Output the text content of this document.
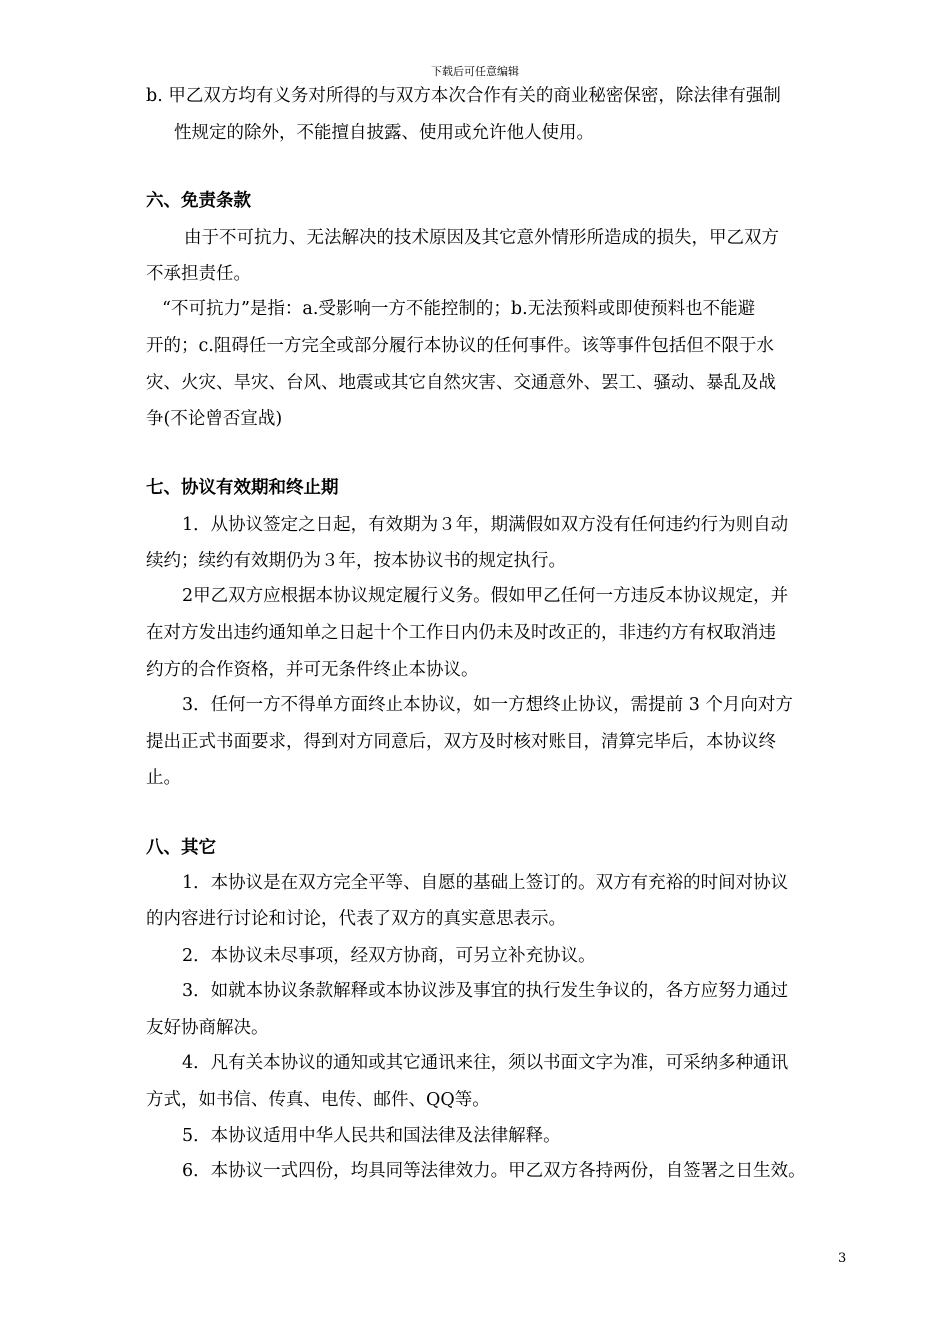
下载后可任意编辑
b. 甲乙双方均有义务对所得的与双方本次合作有关的商业秘密保密，除法律有强制
性规定的除外，不能擅自披露、使用或允许他人使用。
六、免责条款
由于不可抗力、无法解决的技术原因及其它意外情形所造成的损失，甲乙双方
不承担责任。
“不可抗力”是指：a.受影响一方不能控制的；b.无法预料或即使预料也不能避
开的；c.阻碍任一方完全或部分履行本协议的任何事件。该等事件包括但不限于水
灾、火灾、旱灾、台风、地震或其它自然灾害、交通意外、罢工、骚动、暴乱及战
争(不论曾否宣战)
七、协议有效期和终止期
1．从协议签定之日起，有效期为３年，期满假如双方没有任何违约行为则自动
续约；续约有效期仍为３年，按本协议书的规定执行。
2甲乙双方应根据本协议规定履行义务。假如甲乙任何一方违反本协议规定，并
在对方发出违约通知单之日起十个工作日内仍未及时改正的，非违约方有权取消违
约方的合作资格，并可无条件终止本协议。
3．任何一方不得单方面终止本协议，如一方想终止协议，需提前 3 个月向对方
提出正式书面要求，得到对方同意后，双方及时核对账目，清算完毕后，本协议终
止。
八、其它
1．本协议是在双方完全平等、自愿的基础上签订的。双方有充裕的时间对协议
的内容进行讨论和讨论，代表了双方的真实意思表示。
2．本协议未尽事项，经双方协商，可另立补充协议。
3．如就本协议条款解释或本协议涉及事宜的执行发生争议的，各方应努力通过
友好协商解决。
4．凡有关本协议的通知或其它通讯来往，须以书面文字为准，可采纳多种通讯
方式，如书信、传真、电传、邮件、QQ等。
5．本协议适用中华人民共和国法律及法律解释。
6．本协议一式四份，均具同等法律效力。甲乙双方各持两份，自签署之日生效。
3
